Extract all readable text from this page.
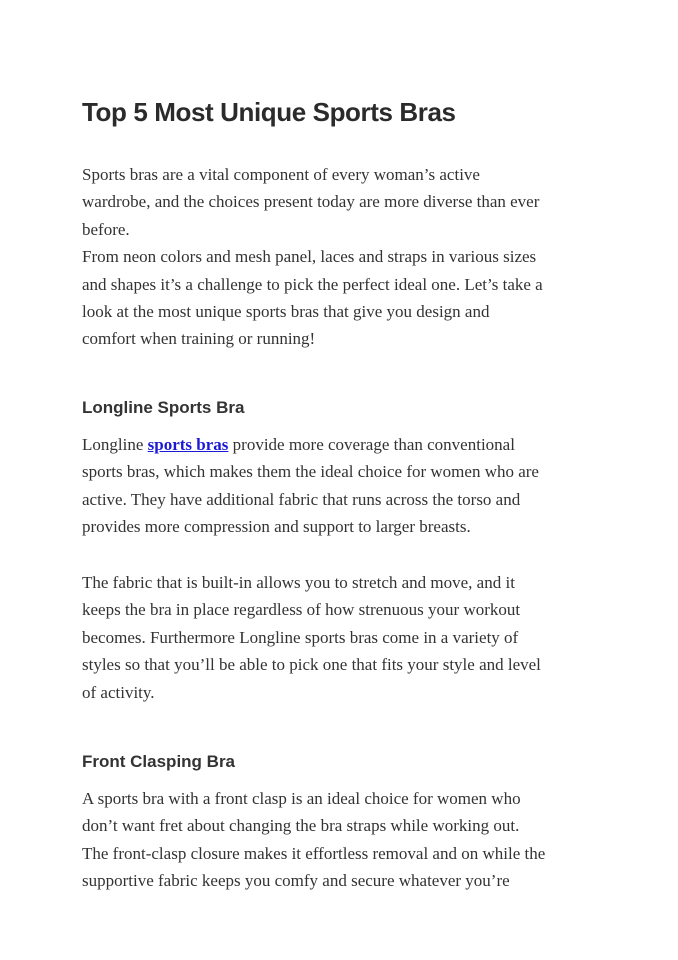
Top 5 Most Unique Sports Bras

Sports bras are a vital component of every woman’s active
wardrobe, and the choices present today are more diverse than ever
before.
From neon colors and mesh panel, laces and straps in various sizes
and shapes it’s a challenge to pick the perfect ideal one. Let’s take a
look at the most unique sports bras that give you design and
comfort when training or running!

Longline Sports Bra

Longline sports bras provide more coverage than conventional
sports bras, which makes them the ideal choice for women who are
active. They have additional fabric that runs across the torso and
provides more compression and support to larger breasts.

The fabric that is built-in allows you to stretch and move, and it
keeps the bra in place regardless of how strenuous your workout
becomes. Furthermore Longline sports bras come in a variety of
styles so that you’ll be able to pick one that fits your style and level
of activity.

Front Clasping Bra

A sports bra with a front clasp is an ideal choice for women who
don’t want fret about changing the bra straps while working out.
The front-clasp closure makes it effortless removal and on while the
supportive fabric keeps you comfy and secure whatever you’re
